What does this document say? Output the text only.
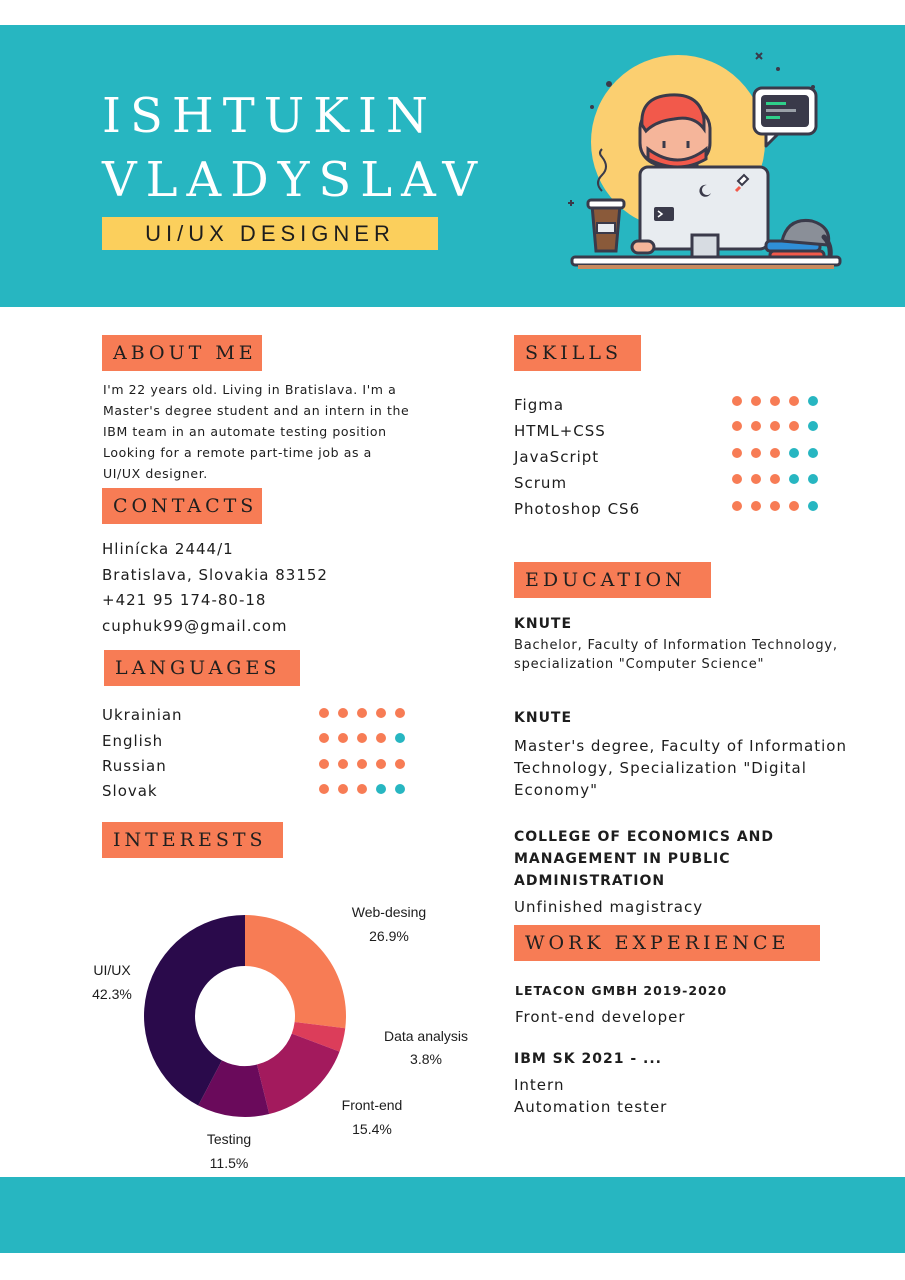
ISHTUKIN
VLADYSLAV
UI/UX DESIGNER
ABOUT ME
I'm 22 years old. Living in Bratislava. I'm a Master's degree student and an intern in the IBM team in an automate testing position Looking for a remote part-time job as a UI/UX designer.
CONTACTS
Hlinícka 2444/1
Bratislava, Slovakia 83152
+421 95 174-80-18
cuphuk99@gmail.com
LANGUAGES
Ukrainian
English
Russian
Slovak
INTERESTS
Web-desing
26.9%
Data analysis
3.8%
Front-end
15.4%
Testing
11.5%
UI/UX
42.3%
SKILLS
Figma
HTML+CSS
JavaScript
Scrum
Photoshop CS6
EDUCATION
KNUTE
Bachelor, Faculty of Information Technology,
specialization "Computer Science"
KNUTE
Master's degree, Faculty of Information
Technology, Specialization "Digital
Economy"
COLLEGE OF ECONOMICS AND
MANAGEMENT IN PUBLIC
ADMINISTRATION
Unfinished magistracy
WORK EXPERIENCE
LETACON GMBH 2019-2020
Front-end developer
IBM SK 2021 - ...
Intern
Automation tester
